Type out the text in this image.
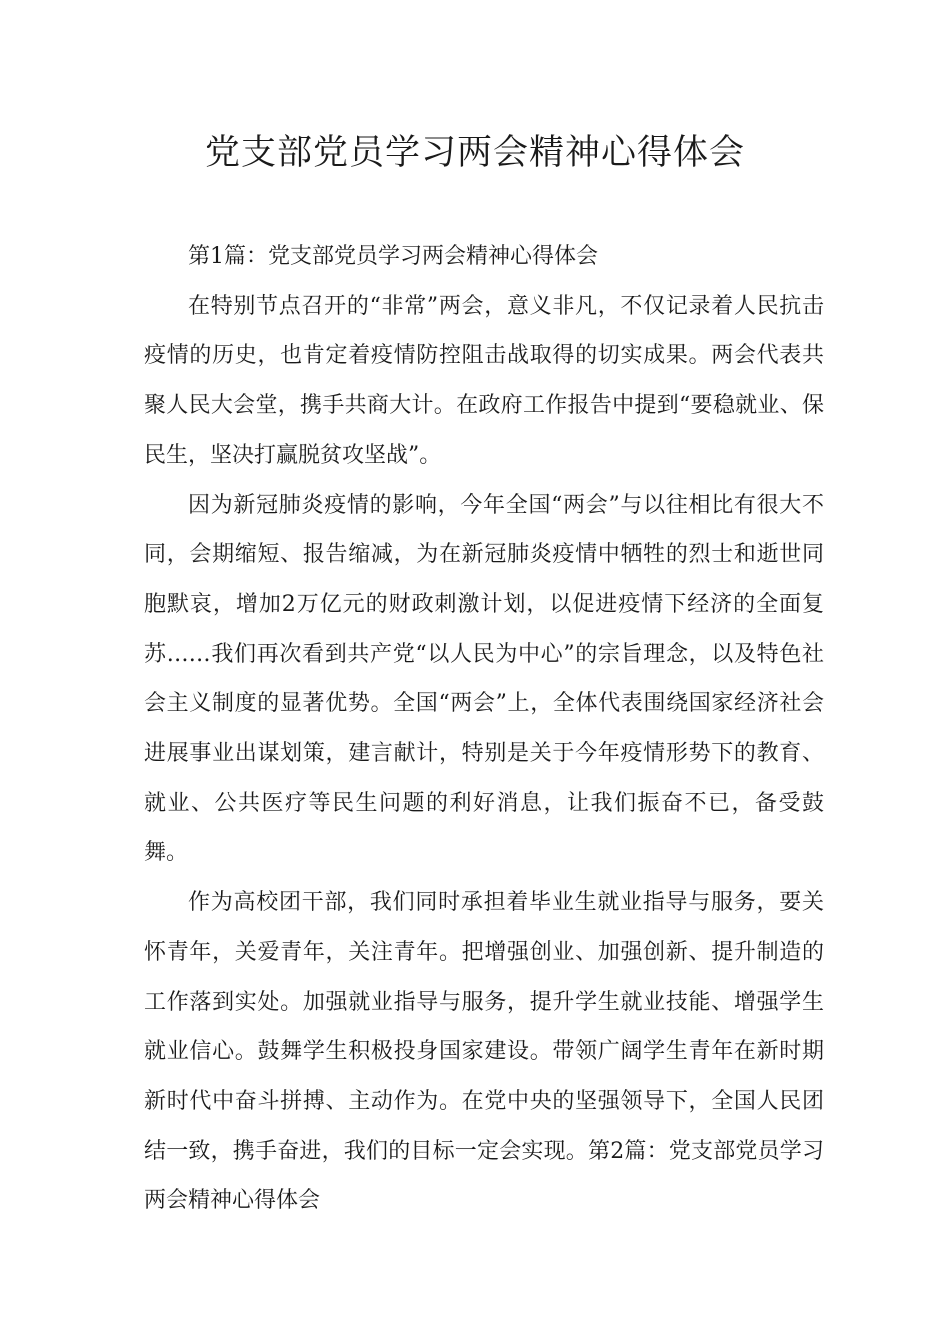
党支部党员学习两会精神心得体会

第1篇：党支部党员学习两会精神心得体会

在特别节点召开的“非常”两会，意义非凡，不仅记录着人民抗击疫情的历史，也肯定着疫情防控阻击战取得的切实成果。两会代表共聚人民大会堂，携手共商大计。在政府工作报告中提到“要稳就业、保民生，坚决打赢脱贫攻坚战”。

因为新冠肺炎疫情的影响，今年全国“两会”与以往相比有很大不同，会期缩短、报告缩减，为在新冠肺炎疫情中牺牲的烈士和逝世同胞默哀，增加2万亿元的财政刺激计划，以促进疫情下经济的全面复苏……我们再次看到共产党“以人民为中心”的宗旨理念，以及特色社会主义制度的显著优势。全国“两会”上，全体代表围绕国家经济社会进展事业出谋划策，建言献计，特别是关于今年疫情形势下的教育、就业、公共医疗等民生问题的利好消息，让我们振奋不已，备受鼓舞。

作为高校团干部，我们同时承担着毕业生就业指导与服务，要关怀青年，关爱青年，关注青年。把增强创业、加强创新、提升制造的工作落到实处。加强就业指导与服务，提升学生就业技能、增强学生就业信心。鼓舞学生积极投身国家建设。带领广阔学生青年在新时期新时代中奋斗拼搏、主动作为。在党中央的坚强领导下，全国人民团结一致，携手奋进，我们的目标一定会实现。第2篇：党支部党员学习两会精神心得体会
